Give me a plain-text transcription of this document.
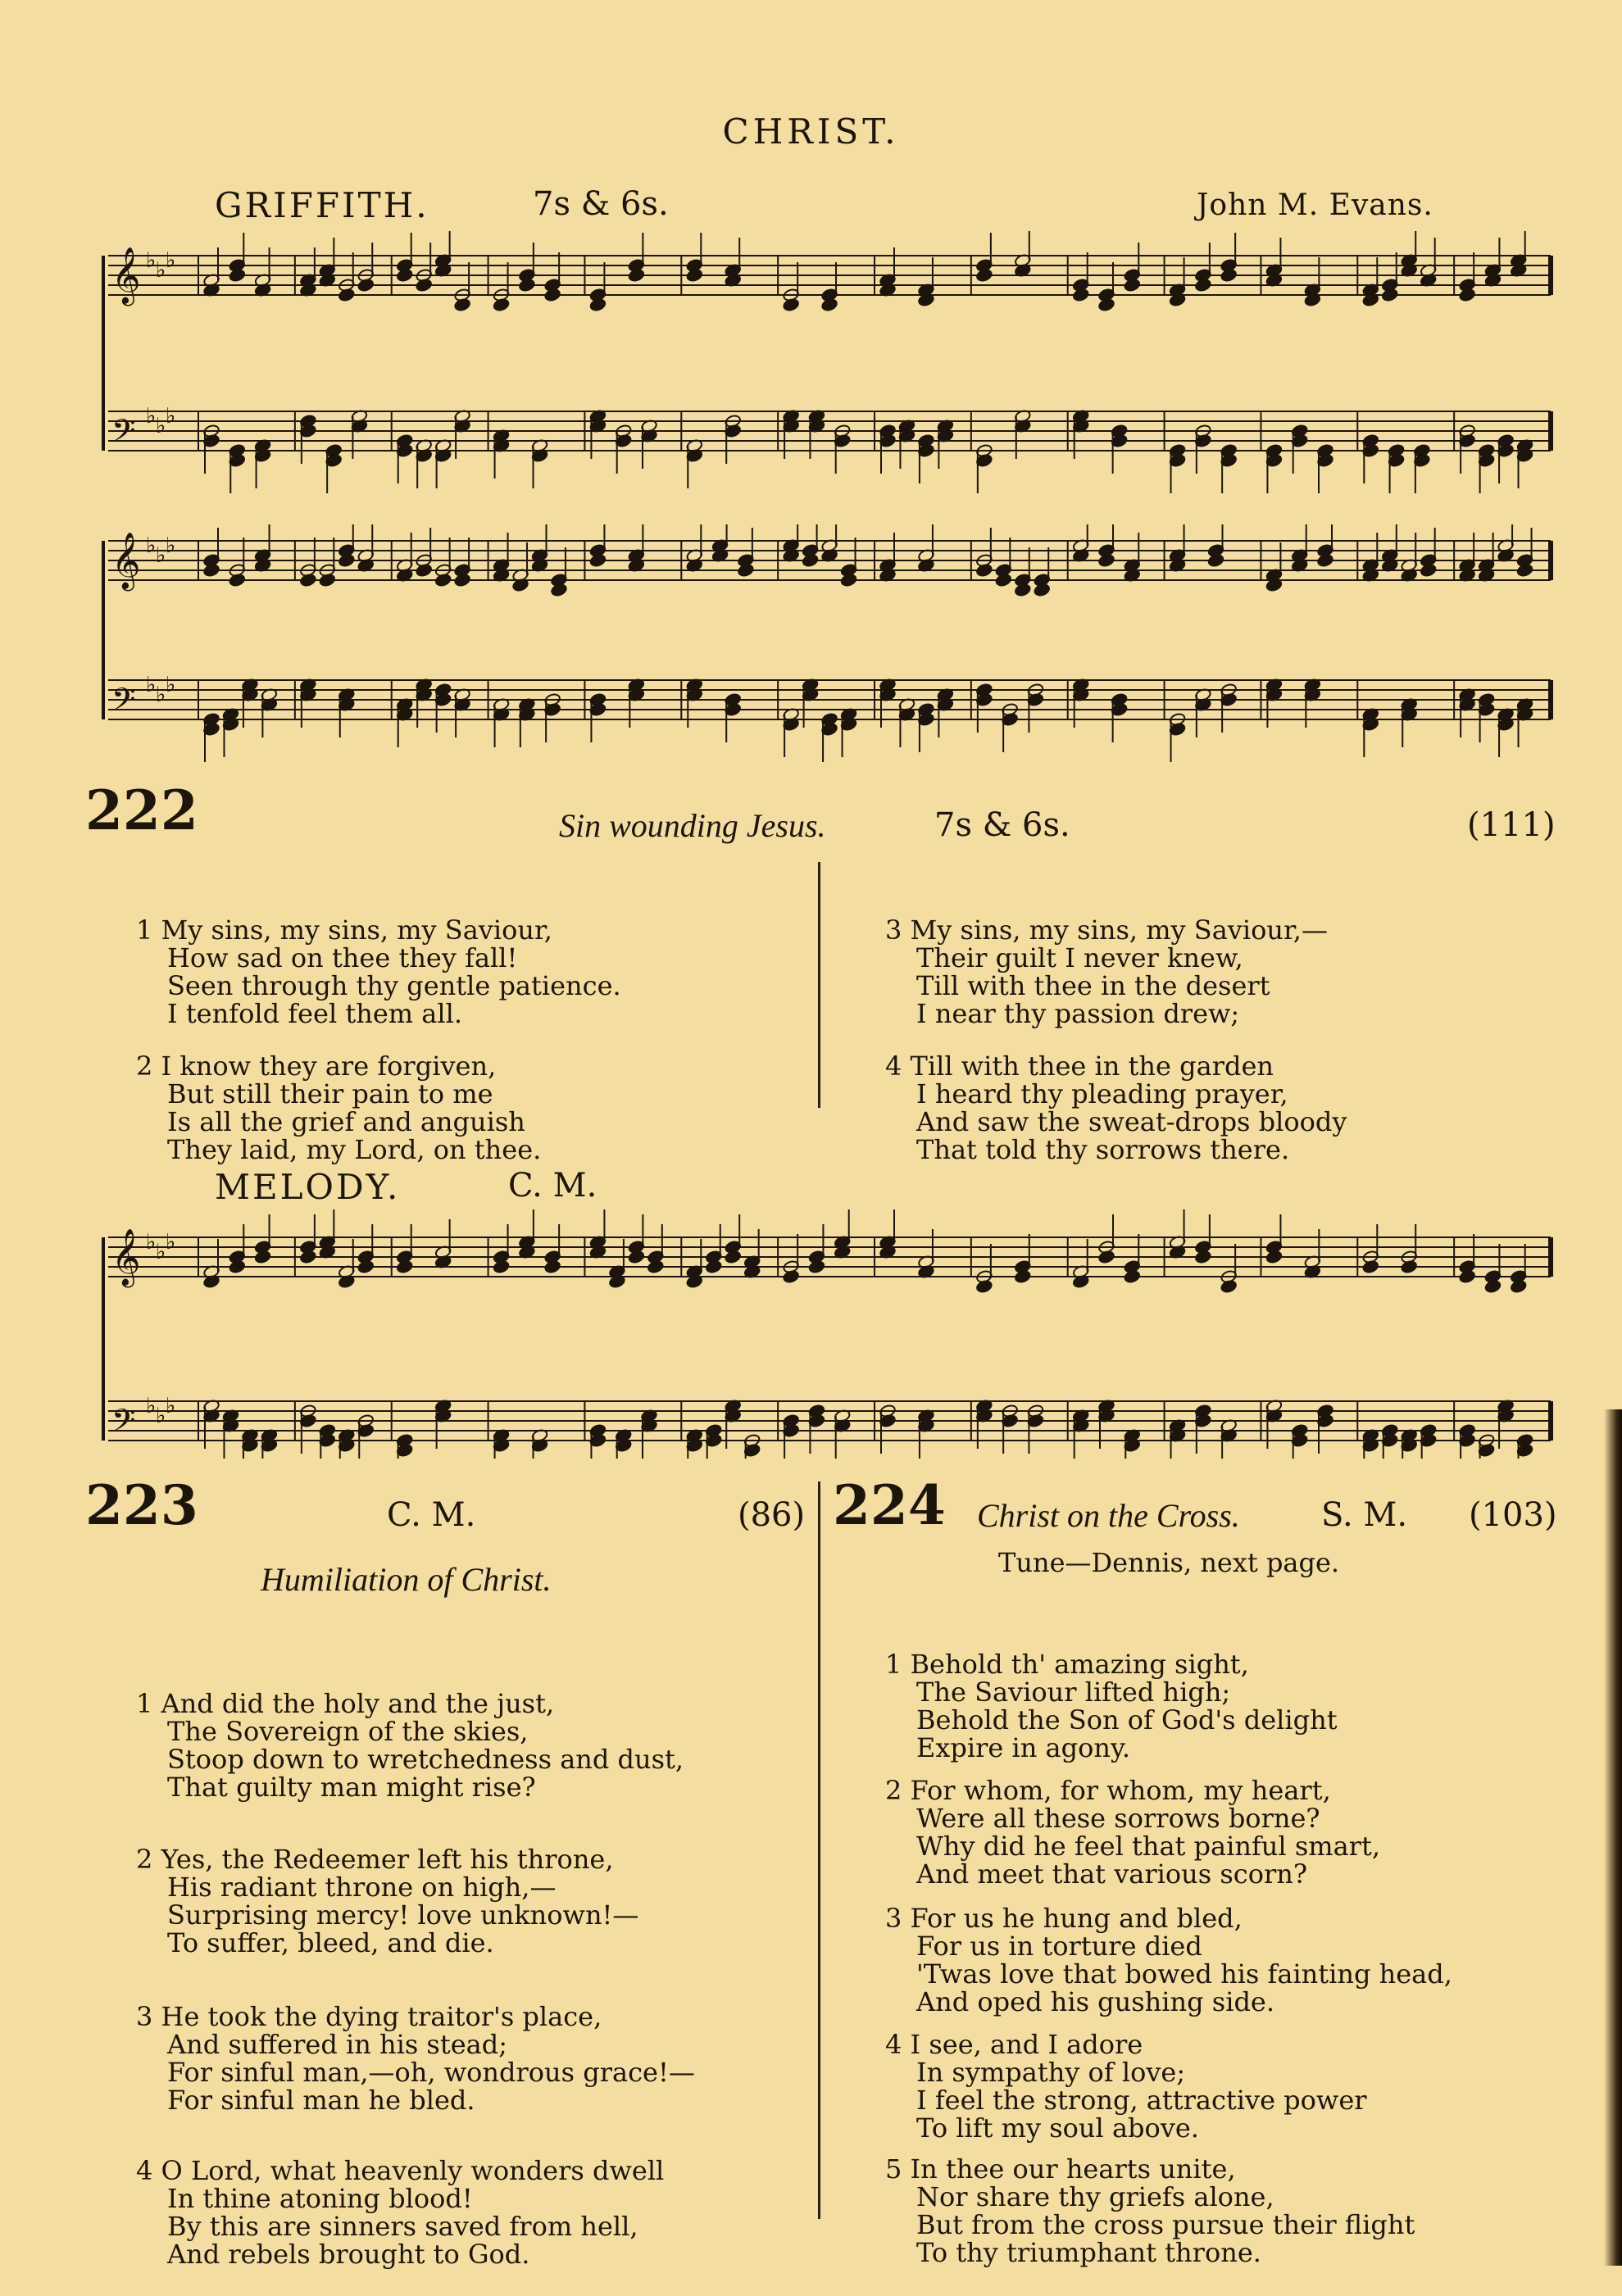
CHRIST.
GRIFFITH.	7s & 6s.	John M. Evans.
𝄞 ♭ ♭ ♭
𝄢 ♭ ♭ ♭
𝄞 ♭ ♭ ♭
𝄢 ♭ ♭ ♭
222	Sin wounding Jesus.	7s & 6s.	(111)

1 My sins, my sins, my Saviour,
How sad on thee they fall!
Seen through thy gentle patience.
I tenfold feel them all.

2 I know they are forgiven,
But still their pain to me
Is all the grief and anguish
They laid, my Lord, on thee.

3 My sins, my sins, my Saviour,—
Their guilt I never knew,
Till with thee in the desert
I near thy passion drew;

4 Till with thee in the garden
I heard thy pleading prayer,
And saw the sweat-drops bloody
That told thy sorrows there.

MELODY.	C. M.
𝄞 ♭ ♭ ♭
𝄢 ♭ ♭ ♭
223	C. M.	(86)
Humiliation of Christ.

1 And did the holy and the just,
The Sovereign of the skies,
Stoop down to wretchedness and dust,
That guilty man might rise?

2 Yes, the Redeemer left his throne,
His radiant throne on high,—
Surprising mercy! love unknown!—
To suffer, bleed, and die.

3 He took the dying traitor's place,
And suffered in his stead;
For sinful man,—oh, wondrous grace!—
For sinful man he bled.

4 O Lord, what heavenly wonders dwell
In thine atoning blood!
By this are sinners saved from hell,
And rebels brought to God.

224 Christ on the Cross. S. M. (103)
Tune—Dennis, next page.

1 Behold th' amazing sight,
The Saviour lifted high;
Behold the Son of God's delight
Expire in agony.

2 For whom, for whom, my heart,
Were all these sorrows borne?
Why did he feel that painful smart,
And meet that various scorn?

3 For us he hung and bled,
For us in torture died
'Twas love that bowed his fainting head,
And oped his gushing side.

4 I see, and I adore
In sympathy of love;
I feel the strong, attractive power
To lift my soul above.

5 In thee our hearts unite,
Nor share thy griefs alone,
But from the cross pursue their flight
To thy triumphant throne.
